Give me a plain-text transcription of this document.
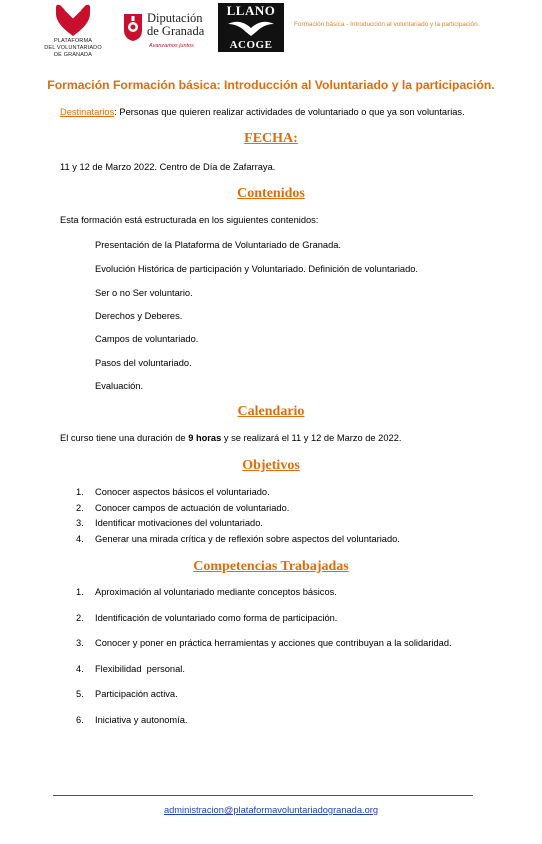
PLATAFORMA
DEL VOLUNTARIADO
DE GRANADA
Diputación
de Granada
Avanzamos juntos
LLANO
ACOGE
Formación básica - Introducción al voluntariado y la participación.
Formación Formación básica: Introducción al Voluntariado y la participación.
Destinatarios: Personas que quieren realizar actividades de voluntariado o que ya son voluntarias.
FECHA:
11 y 12 de Marzo 2022. Centro de Día de Zafarraya.
Contenidos
Esta formación está estructurada en los siguientes contenidos:
Presentación de la Plataforma de Voluntariado de Granada.
Evolución Histórica de participación y Voluntariado. Definición de voluntariado.
Ser o no Ser voluntario.
Derechos y Deberes.
Campos de voluntariado.
Pasos del voluntariado.
Evaluación.
Calendario
El curso tiene una duración de 9 horas y se realizará el 11 y 12 de Marzo de 2022.
Objetivos
1.	Conocer aspectos básicos el voluntariado.
2.	Conocer campos de actuación de voluntariado.
3.	Identificar motivaciones del voluntariado.
4.	Generar una mirada crítica y de reflexión sobre aspectos del voluntariado.
Competencias Trabajadas
1.	Aproximación al voluntariado mediante conceptos básicos.
2.	Identificación de voluntariado como forma de participación.
3.	Conocer y poner en práctica herramientas y acciones que contribuyan a la solidaridad.
4.	Flexibilidad  personal.
5.	Participación activa.
6.	Iniciativa y autonomía.
administracion@plataformavoluntariadogranada.org
